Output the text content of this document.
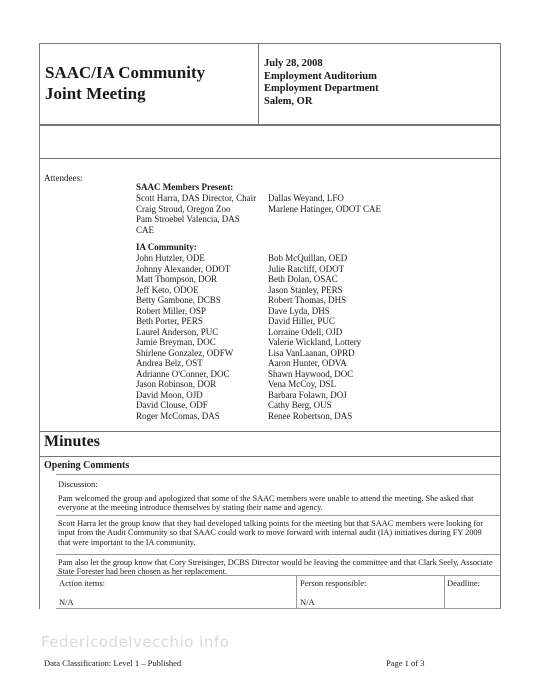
SAAC/IA Community
Joint Meeting
July 28, 2008
Employment Auditorium
Employment Department
Salem, OR
Attendees:
SAAC Members Present:
Scott Harra, DAS Director, Chair
Craig Stroud, Oregon Zoo
Pam Stroebel Valencia, DAS
CAE
Dallas Weyand, LFO
Marlene Hatinger, ODOT CAE
IA Community:
John Hutzler, ODE
Johnny Alexander, ODOT
Matt Thompson, DOR
Jeff Keto, ODOE
Betty Gambone, DCBS
Robert Miller, OSP
Beth Porter, PERS
Laurel Anderson, PUC
Jamie Breyman, DOC
Shirlene Gonzalez, ODFW
Andrea Belz, OST
Adrianne O'Conner, DOC
Jason Robinson, DOR
David Moon, OJD
David Clouse, ODF
Roger McComas, DAS
Bob McQuillan, OED
Julie Ratcliff, ODOT
Beth Dolan, OSAC
Jason Stanley, PERS
Robert Thomas, DHS
Dave Lyda, DHS
David Hiller, PUC
Lorraine Odell, OJD
Valerie Wickland, Lottery
Lisa VanLaanan, OPRD
Aaron Hunter, ODVA
Shawn Haywood, DOC
Vena McCoy, DSL
Barbara Folawn, DOJ
Cathy Berg, OUS
Renee Robertson, DAS
Minutes
Opening Comments
Discussion:
Pam welcomed the group and apologized that some of the SAAC members were unable to attend the meeting. She asked that everyone at the meeting introduce themselves by stating their name and agency.
Scott Harra let the group know that they had developed talking points for the meeting but that SAAC members were looking for input from the Audit Community so that SAAC could work to move forward with internal audit (IA) initiatives during FY 2009 that were important to the IA community.
Pam also let the group know that Cory Streisinger, DCBS Director would be leaving the committee and that Clark Seely, Associate State Forester had been chosen as her replacement.
Action items:	Person responsible:	Deadline:
N/A	N/A
Federicodelvecchio info
Data Classification: Level 1 – Published	Page 1 of 3
